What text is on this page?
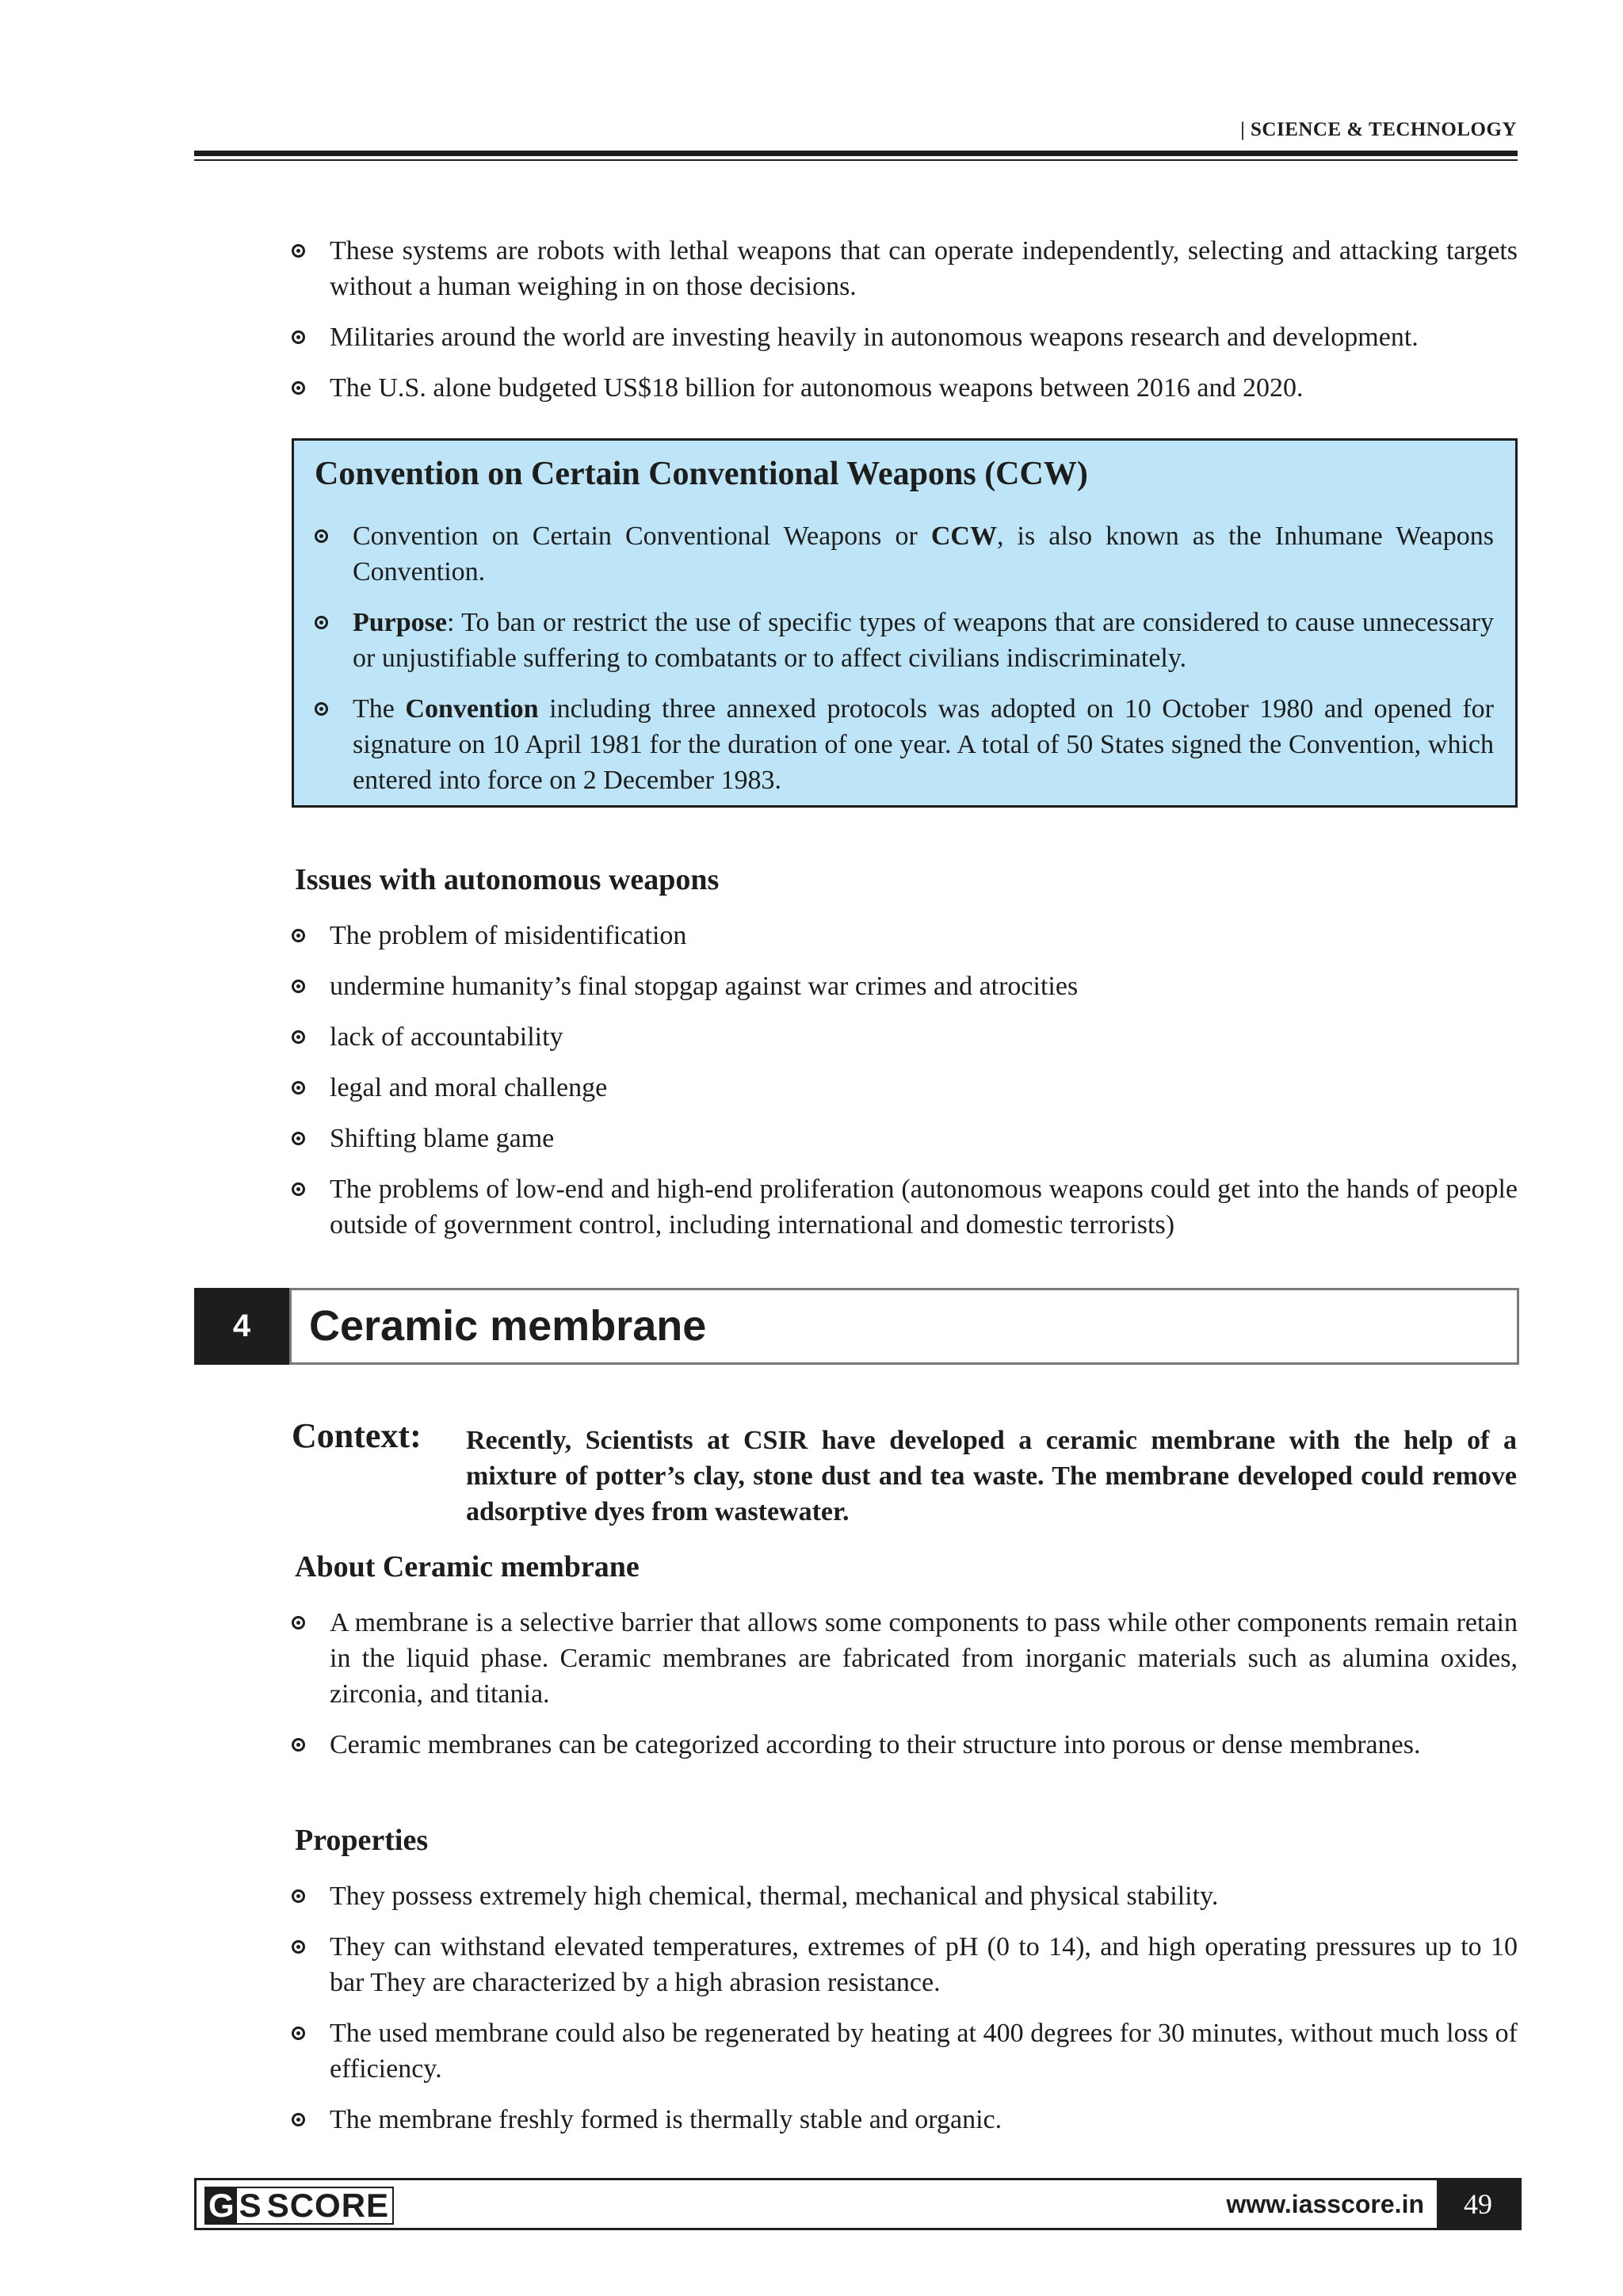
| SCIENCE & TECHNOLOGY
These systems are robots with lethal weapons that can operate independently, selecting and attacking targets without a human weighing in on those decisions.
Militaries around the world are investing heavily in autonomous weapons research and development.
The U.S. alone budgeted US$18 billion for autonomous weapons between 2016 and 2020.
Convention on Certain Conventional Weapons (CCW)
Convention on Certain Conventional Weapons or CCW, is also known as the Inhumane Weapons Convention.
Purpose: To ban or restrict the use of specific types of weapons that are considered to cause unnecessary or unjustifiable suffering to combatants or to affect civilians indiscriminately.
The Convention including three annexed protocols was adopted on 10 October 1980 and opened for signature on 10 April 1981 for the duration of one year. A total of 50 States signed the Convention, which entered into force on 2 December 1983.
Issues with autonomous weapons
The problem of misidentification
undermine humanity’s final stopgap against war crimes and atrocities
lack of accountability
legal and moral challenge
Shifting blame game
The problems of low-end and high-end proliferation (autonomous weapons could get into the hands of people outside of government control, including international and domestic terrorists)
4	Ceramic membrane
Context: Recently, Scientists at CSIR have developed a ceramic membrane with the help of a mixture of potter’s clay, stone dust and tea waste. The membrane developed could remove adsorptive dyes from wastewater.
About Ceramic membrane
A membrane is a selective barrier that allows some components to pass while other components remain retain in the liquid phase. Ceramic membranes are fabricated from inorganic materials such as alumina oxides, zirconia, and titania.
Ceramic membranes can be categorized according to their structure into porous or dense membranes.
Properties
They possess extremely high chemical, thermal, mechanical and physical stability.
They can withstand elevated temperatures, extremes of pH (0 to 14), and high operating pressures up to 10 bar They are characterized by a high abrasion resistance.
The used membrane could also be regenerated by heating at 400 degrees for 30 minutes, without much loss of efficiency.
The membrane freshly formed is thermally stable and organic.
G S SCORE	www.iasscore.in	49
